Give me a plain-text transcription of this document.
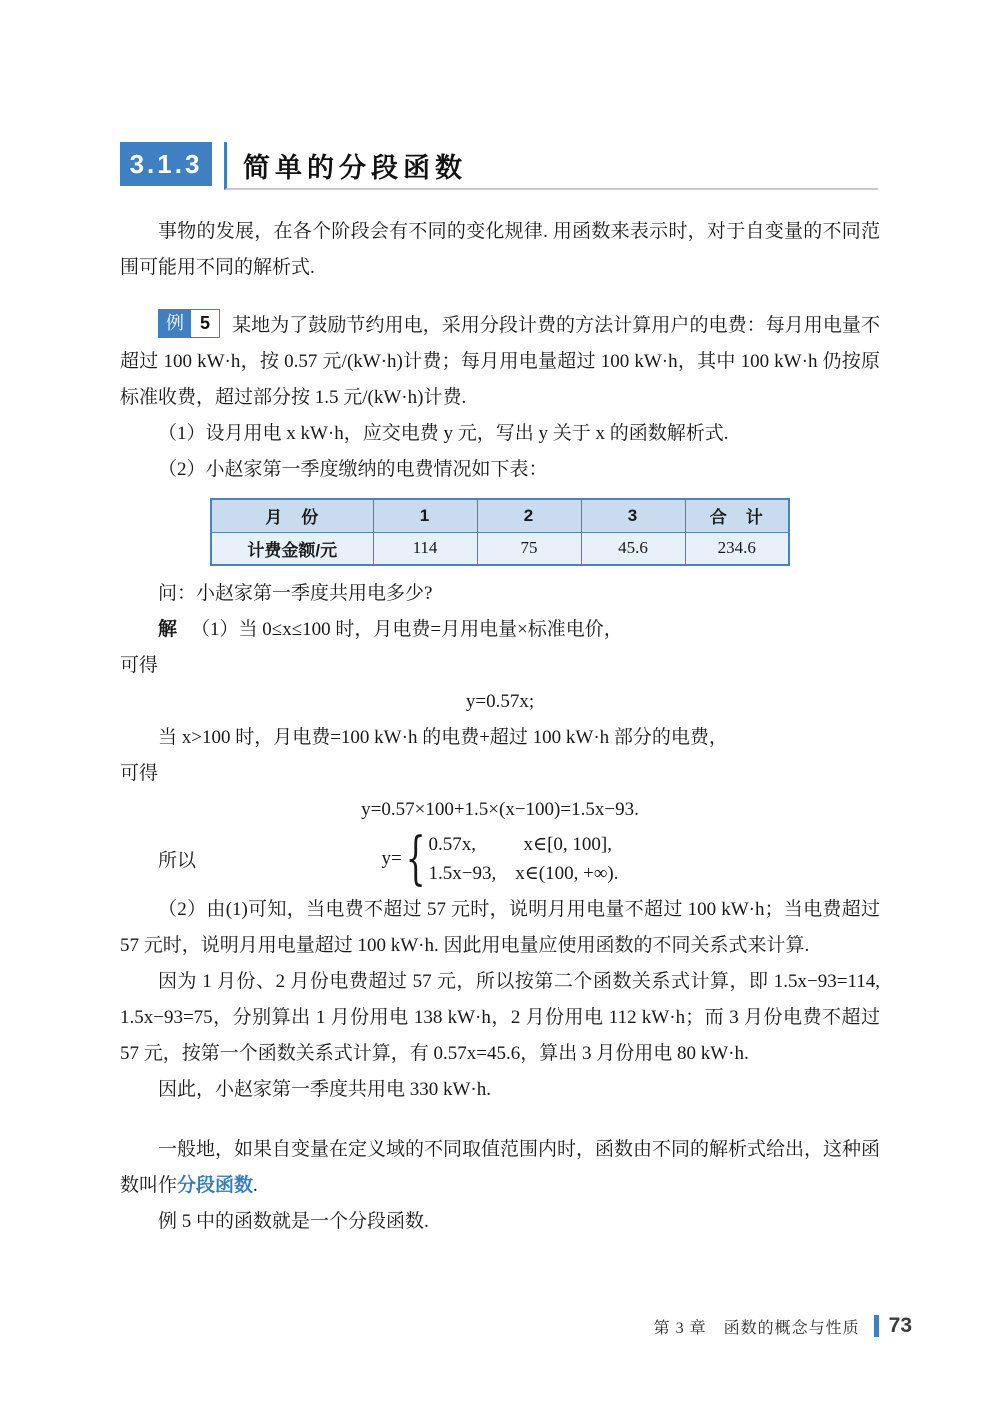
3.1.3	简单的分段函数

事物的发展，在各个阶段会有不同的变化规律. 用函数来表示时，对于自变量的不同范围可能用不同的解析式.

例 5	某地为了鼓励节约用电，采用分段计费的方法计算用户的电费：每月用电量不超过 100 kW·h，按 0.57 元/(kW·h)计费；每月用电量超过 100 kW·h，其中 100 kW·h 仍按原标准收费，超过部分按 1.5 元/(kW·h)计费.

（1）设月用电 x kW·h，应交电费 y 元，写出 y 关于 x 的函数解析式.

（2）小赵家第一季度缴纳的电费情况如下表：

月　份	1	2	3	合　计
计费金额/元	114	75	45.6	234.6

问：小赵家第一季度共用电多少?

解 （1）当 0≤x≤100 时，月电费=月用电量×标准电价，

可得

y=0.57x;

当 x>100 时，月电费=100 kW·h 的电费+超过 100 kW·h 部分的电费，

可得

y=0.57×100+1.5×(x−100)=1.5x−93.

所以	y= { 0.57x,          x∈[0, 100],
1.5x−93,    x∈(100, +∞).

（2）由(1)可知，当电费不超过 57 元时，说明月用电量不超过 100 kW·h；当电费超过 57 元时，说明月用电量超过 100 kW·h. 因此用电量应使用函数的不同关系式来计算.

因为 1 月份、2 月份电费超过 57 元，所以按第二个函数关系式计算，即 1.5x−93=114, 1.5x−93=75，分别算出 1 月份用电 138 kW·h，2 月份用电 112 kW·h；而 3 月份电费不超过 57 元，按第一个函数关系式计算，有 0.57x=45.6，算出 3 月份用电 80 kW·h.

因此，小赵家第一季度共用电 330 kW·h.

一般地，如果自变量在定义域的不同取值范围内时，函数由不同的解析式给出，这种函数叫作分段函数.

例 5 中的函数就是一个分段函数.

第 3 章　函数的概念与性质 73
